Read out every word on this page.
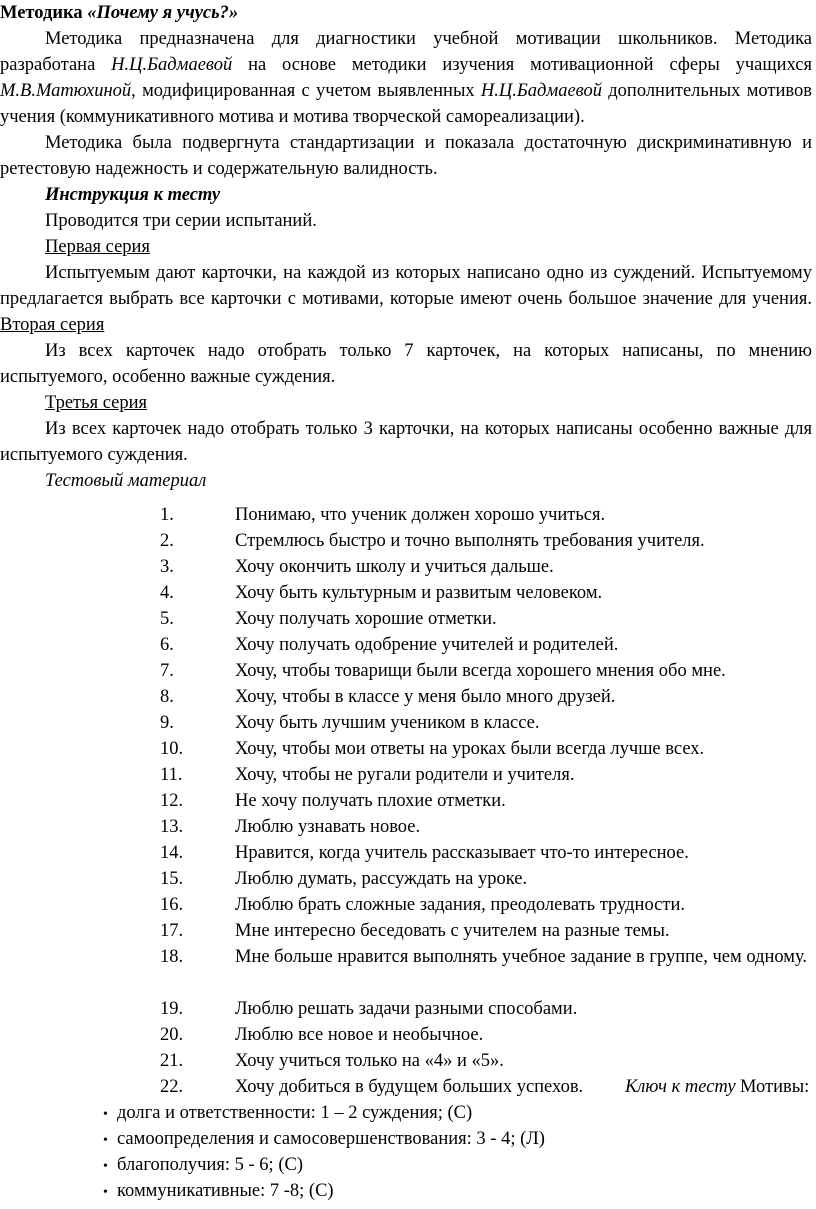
Методика «Почему я учусь?»
Методика предназначена для диагностики учебной мотивации школьников. Методика разработана Н.Ц.Бадмаевой на основе методики изучения мотивационной сферы учащихся М.В.Матюхиной, модифицированная с учетом выявленных Н.Ц.Бадмаевой дополнительных мотивов учения (коммуникативного мотива и мотива творческой самореализации).
Методика была подвергнута стандартизации и показала достаточную дискриминативную и ретестовую надежность и содержательную валидность.
Инструкция к тесту
Проводится три серии испытаний.
Первая серия
Испытуемым дают карточки, на каждой из которых написано одно из суждений. Испытуемому предлагается выбрать все карточки с мотивами, которые имеют очень большое значение для учения. Вторая серия
Из всех карточек надо отобрать только 7 карточек, на которых написаны, по мнению испытуемого, особенно важные суждения.
Третья серия
Из всех карточек надо отобрать только 3 карточки, на которых написаны особенно важные для испытуемого суждения.
Тестовый материал
1.	Понимаю, что ученик должен хорошо учиться.
2.	Стремлюсь быстро и точно выполнять требования учителя.
3.	Хочу окончить школу и учиться дальше.
4.	Хочу быть культурным и развитым человеком.
5.	Хочу получать хорошие отметки.
6.	Хочу получать одобрение учителей и родителей.
7.	Хочу, чтобы товарищи были всегда хорошего мнения обо мне.
8.	Хочу, чтобы в классе у меня было много друзей.
9.	Хочу быть лучшим учеником в классе.
10.	Хочу, чтобы мои ответы на уроках были всегда лучше всех.
11.	Хочу, чтобы не ругали родители и учителя.
12.	Не хочу получать плохие отметки.
13.	Люблю узнавать новое.
14.	Нравится, когда учитель рассказывает что-то интересное.
15.	Люблю думать, рассуждать на уроке.
16.	Люблю брать сложные задания, преодолевать трудности.
17.	Мне интересно беседовать с учителем на разные темы.
18.	Мне больше нравится выполнять учебное задание в группе, чем одному.
19.	Люблю решать задачи разными способами.
20.	Люблю все новое и необычное.
21.	Хочу учиться только на «4» и «5».
22.	Хочу добиться в будущем больших успехов. Ключ к тесту Мотивы:
• долга и ответственности: 1 – 2 суждения; (С)
• самоопределения и самосовершенствования: 3 - 4; (Л)
• благополучия: 5 - 6; (С)
• коммуникативные: 7 -8; (С)
